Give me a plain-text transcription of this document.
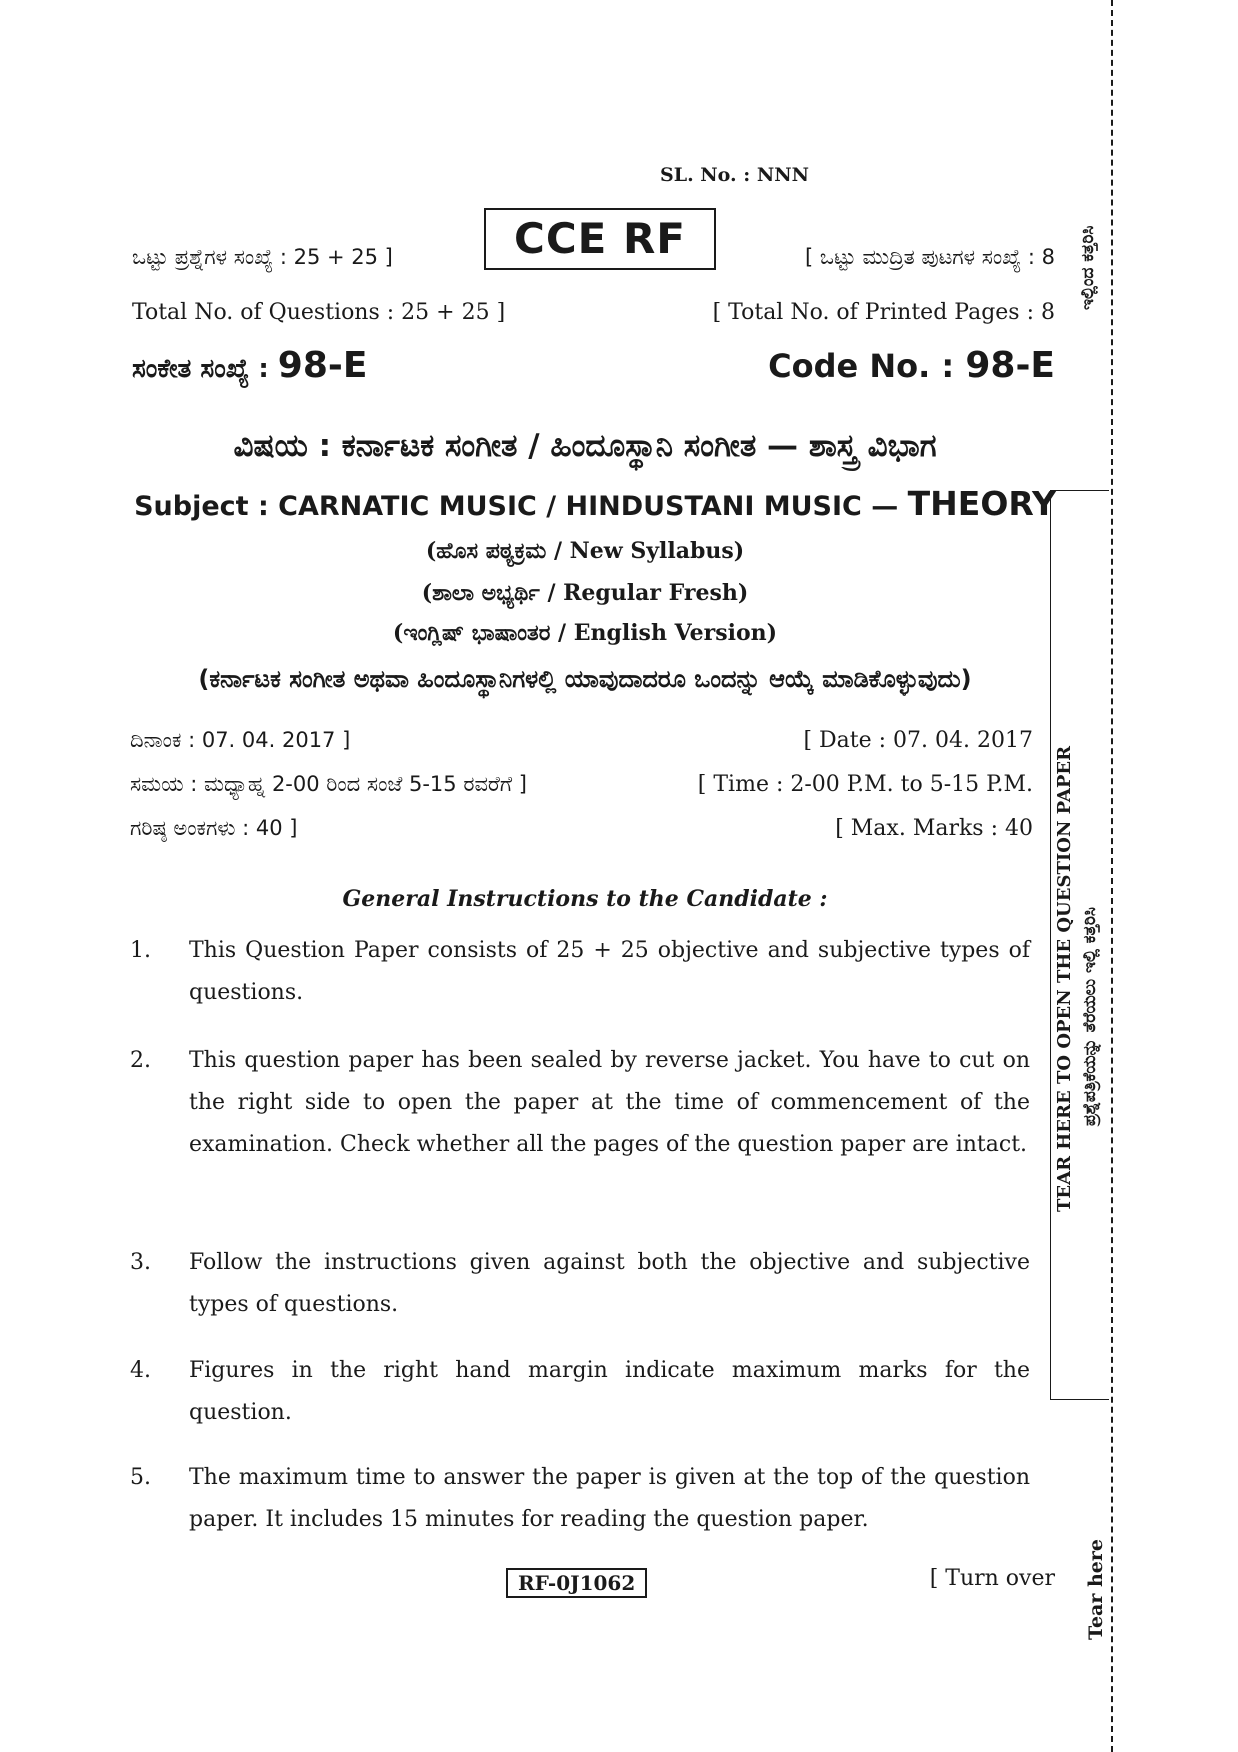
SL. No. : NNN
ಒಟ್ಟು ಪ್ರಶ್ನೆಗಳ ಸಂಖ್ಯೆ : 25 + 25 ]	CCE RF	[ ಒಟ್ಟು ಮುದ್ರಿತ ಪುಟಗಳ ಸಂಖ್ಯೆ : 8
Total No. of Questions : 25 + 25 ]	[ Total No. of Printed Pages : 8
ಸಂಕೇತ ಸಂಖ್ಯೆ : 98-E	Code No. : 98-E
ವಿಷಯ : ಕರ್ನಾಟಕ ಸಂಗೀತ / ಹಿಂದೂಸ್ಥಾನಿ ಸಂಗೀತ — ಶಾಸ್ತ್ರ ವಿಭಾಗ
Subject : CARNATIC MUSIC / HINDUSTANI MUSIC — THEORY
(ಹೊಸ ಪಠ್ಯಕ್ರಮ / New Syllabus)
(ಶಾಲಾ ಅಭ್ಯರ್ಥಿ / Regular Fresh)
(ಇಂಗ್ಲಿಷ್ ಭಾಷಾಂತರ / English Version)
(ಕರ್ನಾಟಕ ಸಂಗೀತ ಅಥವಾ ಹಿಂದೂಸ್ಥಾನಿಗಳಲ್ಲಿ ಯಾವುದಾದರೂ ಒಂದನ್ನು ಆಯ್ಕೆ ಮಾಡಿಕೊಳ್ಳುವುದು)
ದಿನಾಂಕ : 07. 04. 2017 ]	[ Date : 07. 04. 2017
ಸಮಯ : ಮಧ್ಯಾಹ್ನ 2-00 ರಿಂದ ಸಂಜೆ 5-15 ರವರೆಗೆ ]	[ Time : 2-00 P.M. to 5-15 P.M.
ಗರಿಷ್ಠ ಅಂಕಗಳು : 40 ]	[ Max. Marks : 40
General Instructions to the Candidate :
1. This Question Paper consists of 25 + 25 objective and subjective types of questions.
2. This question paper has been sealed by reverse jacket. You have to cut on the right side to open the paper at the time of commencement of the examination. Check whether all the pages of the question paper are intact.
3. Follow the instructions given against both the objective and subjective types of questions.
4. Figures in the right hand margin indicate maximum marks for the question.
5. The maximum time to answer the paper is given at the top of the question paper. It includes 15 minutes for reading the question paper.
RF-0J1062	[ Turn over
TEAR HERE TO OPEN THE QUESTION PAPER ಪ್ರಶ್ನೆಪತ್ರಿಕೆಯನ್ನು ತೆರೆಯಲು ಇಲ್ಲಿ ಕತ್ತರಿಸಿ
ಇಲ್ಲಿಂದ ಕತ್ತರಿಸಿ
Tear here
